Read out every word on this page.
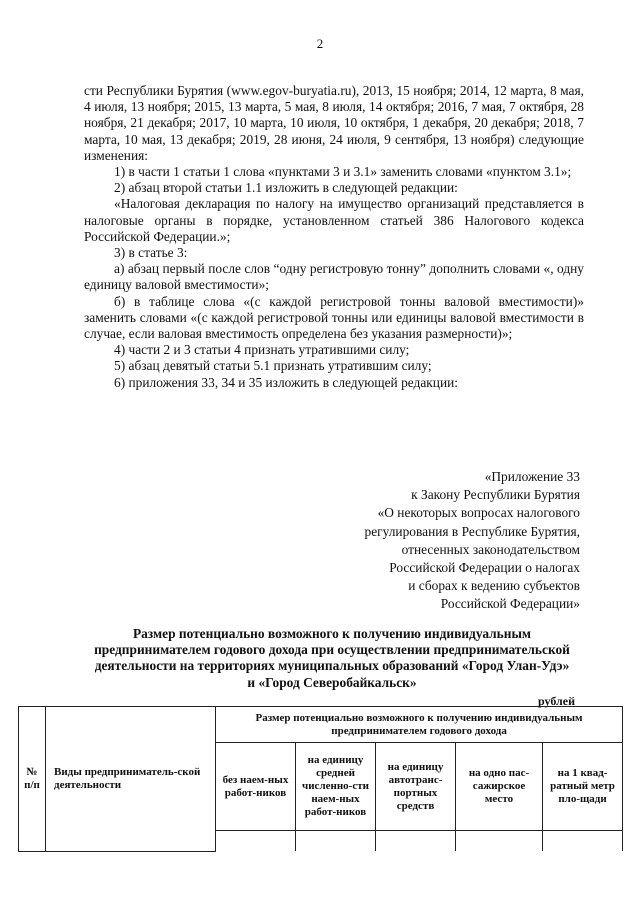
2

сти Республики Бурятия (www.egov-buryatia.ru), 2013, 15 ноября; 2014, 12 марта, 8 мая, 4 июля, 13 ноября; 2015, 13 марта, 5 мая, 8 июля, 14 октября; 2016, 7 мая, 7 октября, 28 ноября, 21 декабря; 2017, 10 марта, 10 июля, 10 октября, 1 декабря, 20 декабря; 2018, 7 марта, 10 мая, 13 декабря; 2019, 28 июня, 24 июля, 9 сентября, 13 ноября) следующие изменения:

1) в части 1 статьи 1 слова «пунктами 3 и 3.1» заменить словами «пунктом 3.1»;

2) абзац второй статьи 1.1 изложить в следующей редакции:

«Налоговая декларация по налогу на имущество организаций представляется в налоговые органы в порядке, установленном статьей 386 Налогового кодекса Российской Федерации.»;

3) в статье 3:

а) абзац первый после слов “одну регистровую тонну” дополнить словами «, одну единицу валовой вместимости»;

б) в таблице слова «(с каждой регистровой тонны валовой вместимости)» заменить словами «(с каждой регистровой тонны или единицы валовой вместимости в случае, если валовая вместимость определена без указания размерности)»;

4) части 2 и 3 статьи 4 признать утратившими силу;

5) абзац девятый статьи 5.1 признать утратившим силу;

6) приложения 33, 34 и 35 изложить в следующей редакции:

«Приложение 33
к Закону Республики Бурятия
«О некоторых вопросах налогового
регулирования в Республике Бурятия,
отнесенных законодательством
Российской Федерации о налогах
и сборах к ведению субъектов
Российской Федерации»
Размер потенциально возможного к получению индивидуальным предпринимателем годового дохода при осуществлении предпринимательской деятельности на территориях муниципальных образований «Город Улан-Удэ» и «Город Северобайкальск»
рублей
№ п/п	Виды предприниматель-ской деятельности	Размер потенциально возможного к получению индивидуальным предпринимателем годового дохода				
		без наем-ных работ-ников	на единицу средней численно-сти наем-ных работ-ников	на единицу автотранс-портных средств	на одно пас-сажирское место	на 1 квад-ратный метр пло-щади
